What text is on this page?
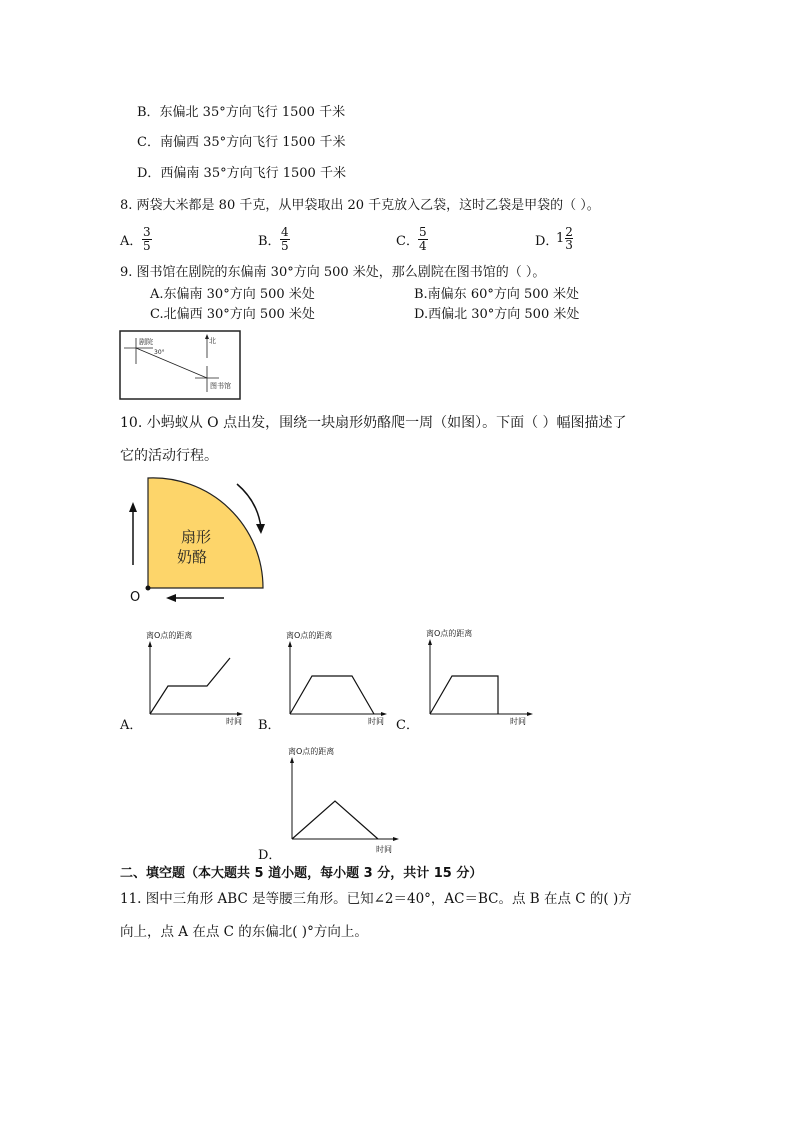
B．东偏北 35°方向飞行 1500 千米
C．南偏西 35°方向飞行 1500 千米
D．西偏南 35°方向飞行 1500 千米
8. 两袋大米都是 80 千克，从甲袋取出 20 千克放入乙袋，这时乙袋是甲袋的（ ）。
A．
3
5	B．
4
5	C．
5
4	D．
1 2
3
9. 图书馆在剧院的东偏南 30°方向 500 米处，那么剧院在图书馆的（ ）。
A.东偏南 30°方向 500 米处	B.南偏东 60°方向 500 米处
C.北偏西 30°方向 500 米处	D.西偏北 30°方向 500 米处
北
剧院
30°
图书馆
10. 小蚂蚁从 O 点出发，围绕一块扇形奶酪爬一周（如图）。下面（ ）幅图描述了
它的活动行程。
扇形
奶酪
O
离O点的距离
时间
A．
离O点的距离
时间
B．
离O点的距离
时间
C．
离O点的距离
时间
D．
二、填空题（本大题共 5 道小题，每小题 3 分，共计 15 分）
11. 图中三角形 ABC 是等腰三角形。已知∠2＝40°，AC＝BC。点 B 在点 C 的( )方
向上，点 A 在点 C 的东偏北( )°方向上。
